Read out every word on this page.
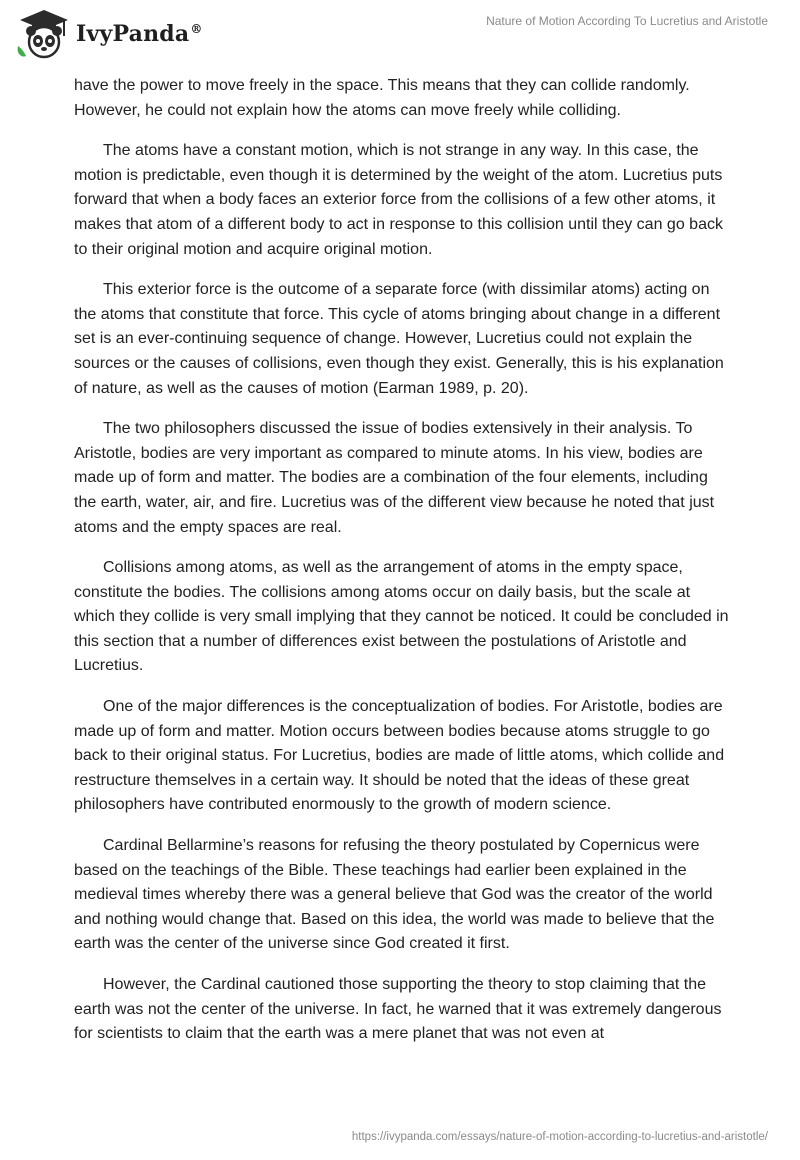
IvyPanda®
Nature of Motion According To Lucretius and Aristotle

have the power to move freely in the space. This means that they can collide randomly. However, he could not explain how the atoms can move freely while colliding.

The atoms have a constant motion, which is not strange in any way. In this case, the motion is predictable, even though it is determined by the weight of the atom. Lucretius puts forward that when a body faces an exterior force from the collisions of a few other atoms, it makes that atom of a different body to act in response to this collision until they can go back to their original motion and acquire original motion.

This exterior force is the outcome of a separate force (with dissimilar atoms) acting on the atoms that constitute that force. This cycle of atoms bringing about change in a different set is an ever-continuing sequence of change. However, Lucretius could not explain the sources or the causes of collisions, even though they exist. Generally, this is his explanation of nature, as well as the causes of motion (Earman 1989, p. 20).

The two philosophers discussed the issue of bodies extensively in their analysis. To Aristotle, bodies are very important as compared to minute atoms. In his view, bodies are made up of form and matter. The bodies are a combination of the four elements, including the earth, water, air, and fire. Lucretius was of the different view because he noted that just atoms and the empty spaces are real.

Collisions among atoms, as well as the arrangement of atoms in the empty space, constitute the bodies. The collisions among atoms occur on daily basis, but the scale at which they collide is very small implying that they cannot be noticed. It could be concluded in this section that a number of differences exist between the postulations of Aristotle and Lucretius.

One of the major differences is the conceptualization of bodies. For Aristotle, bodies are made up of form and matter. Motion occurs between bodies because atoms struggle to go back to their original status. For Lucretius, bodies are made of little atoms, which collide and restructure themselves in a certain way. It should be noted that the ideas of these great philosophers have contributed enormously to the growth of modern science.

Cardinal Bellarmine’s reasons for refusing the theory postulated by Copernicus were based on the teachings of the Bible. These teachings had earlier been explained in the medieval times whereby there was a general believe that God was the creator of the world and nothing would change that. Based on this idea, the world was made to believe that the earth was the center of the universe since God created it first.

However, the Cardinal cautioned those supporting the theory to stop claiming that the earth was not the center of the universe. In fact, he warned that it was extremely dangerous for scientists to claim that the earth was a mere planet that was not even at

https://ivypanda.com/essays/nature-of-motion-according-to-lucretius-and-aristotle/
